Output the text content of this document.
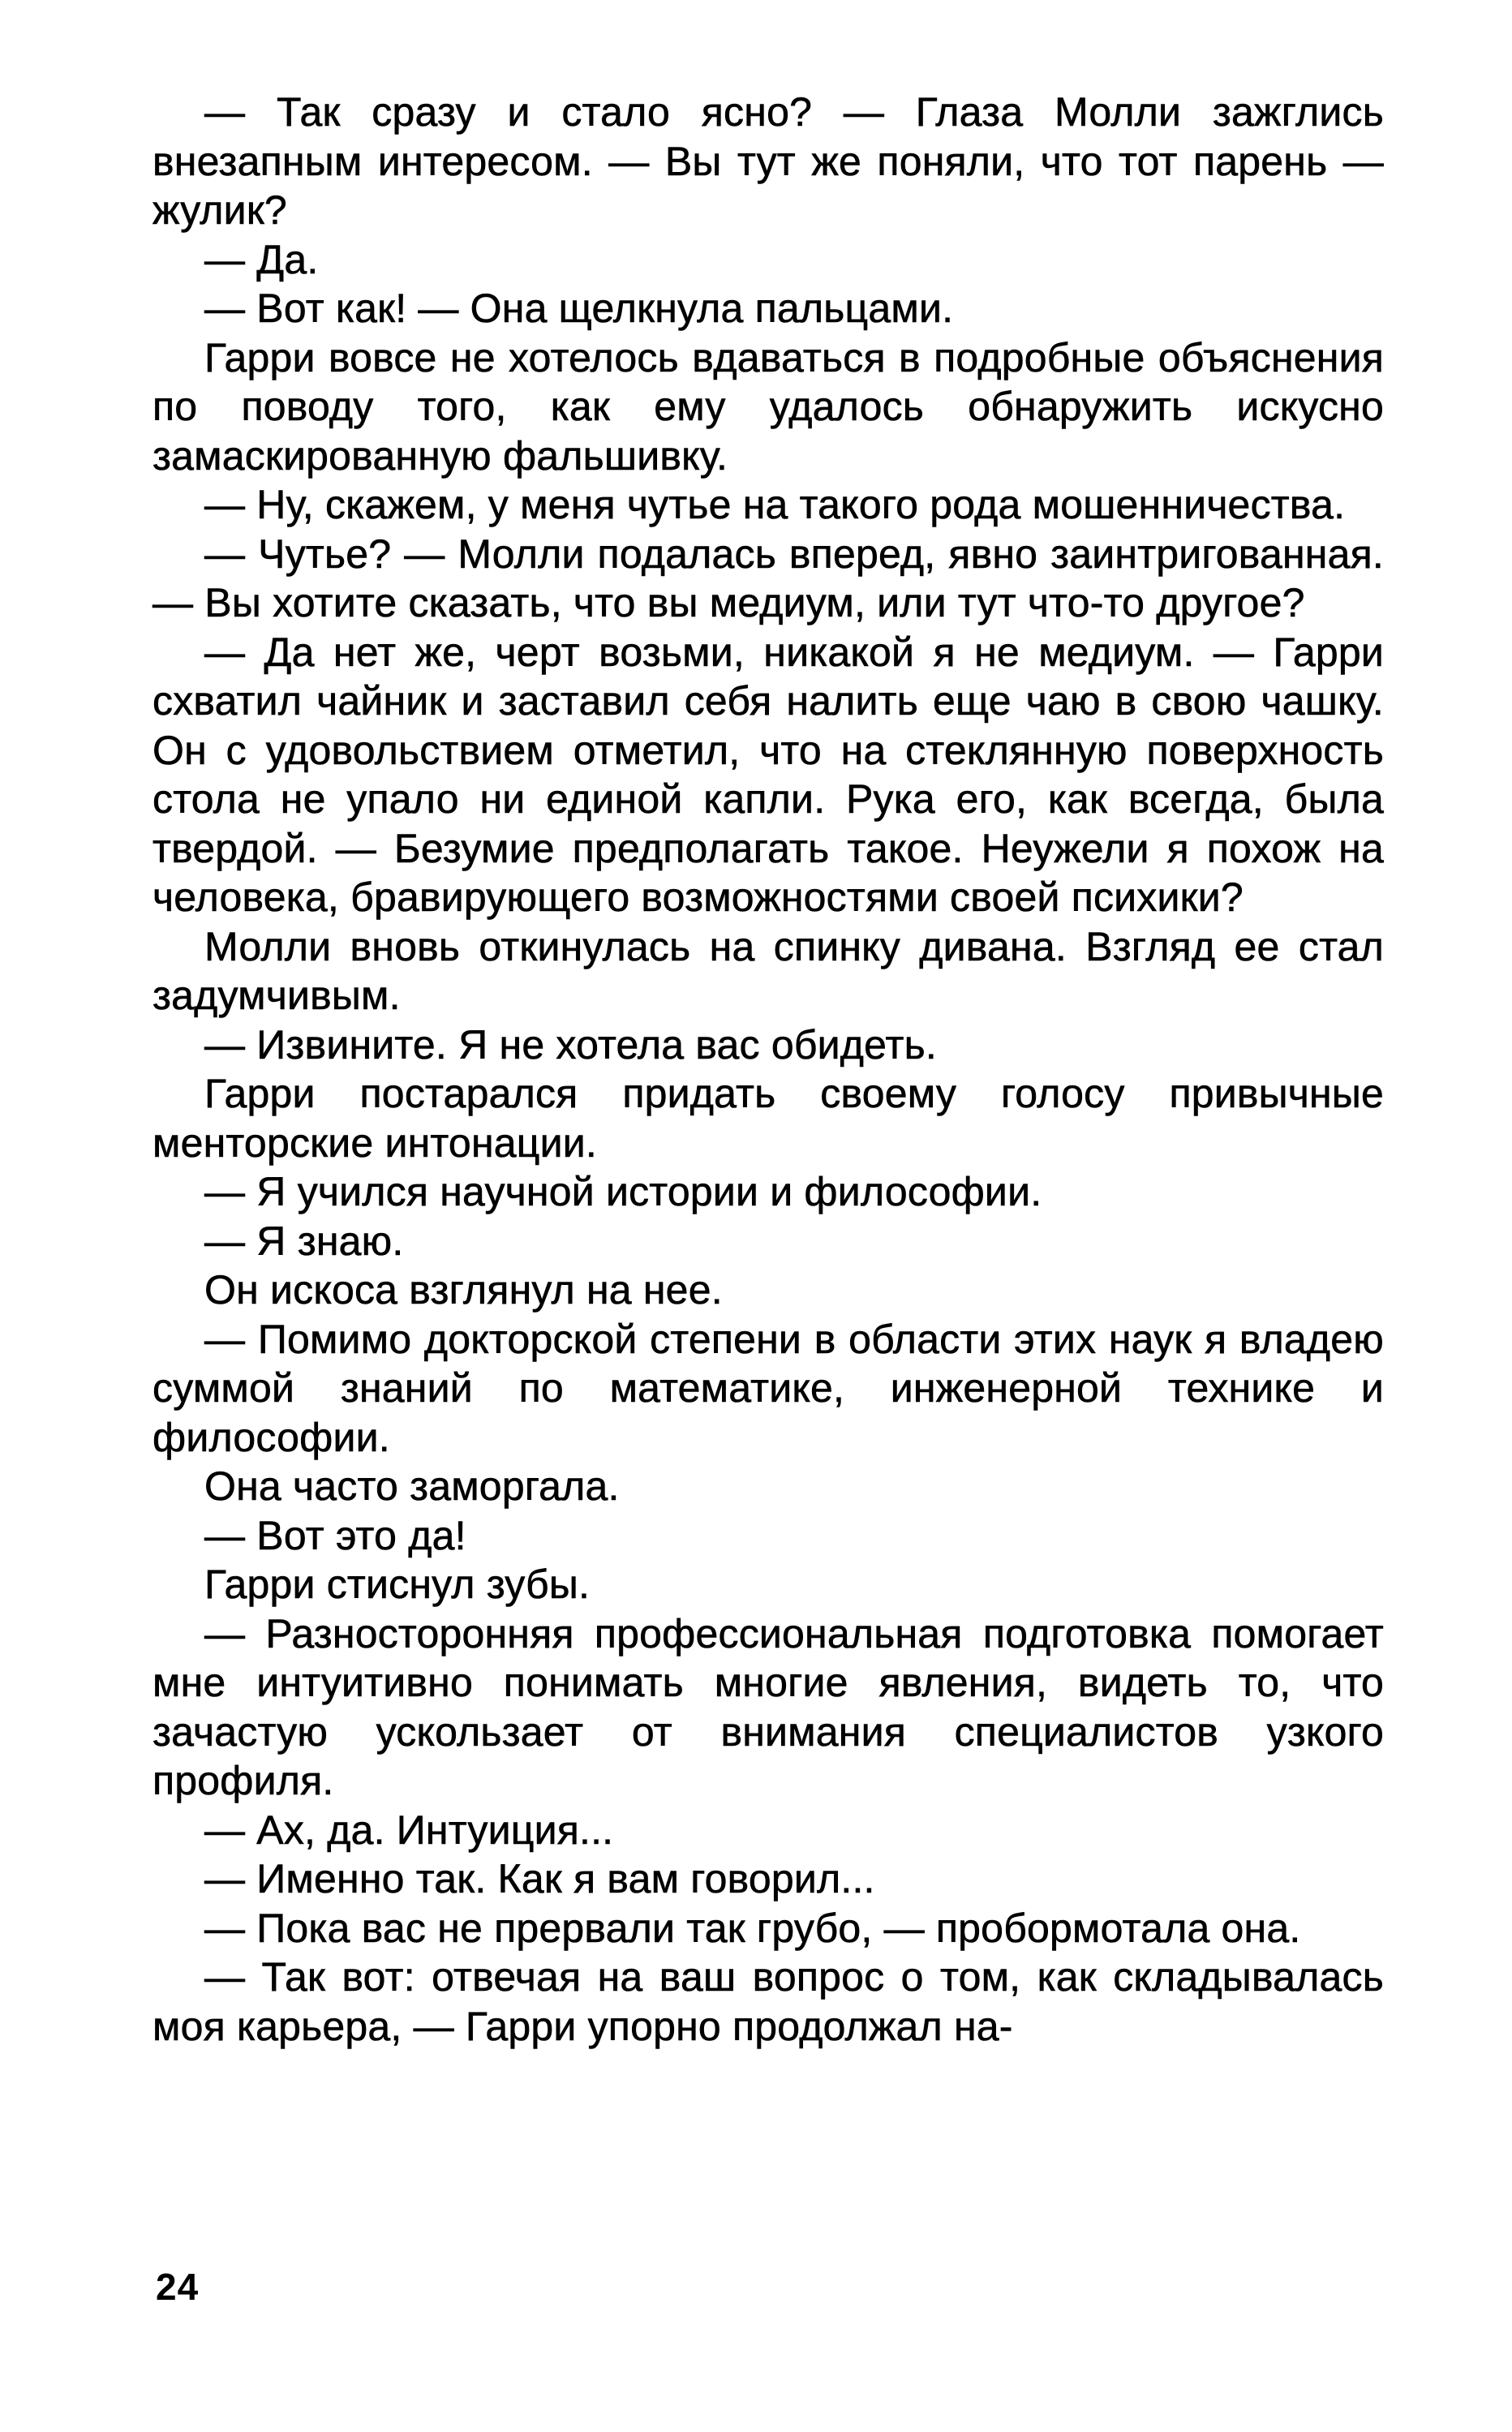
— Так сразу и стало ясно? — Глаза Молли зажглись внезапным интересом. — Вы тут же поняли, что тот парень — жулик?

— Да.

— Вот как! — Она щелкнула пальцами.

Гарри вовсе не хотелось вдаваться в подробные объяснения по поводу того, как ему удалось обнаружить искусно замаскированную фальшивку.

— Ну, скажем, у меня чутье на такого рода мошенничества.

— Чутье? — Молли подалась вперед, явно заинтригованная. — Вы хотите сказать, что вы медиум, или тут что-то другое?

— Да нет же, черт возьми, никакой я не медиум. — Гарри схватил чайник и заставил себя налить еще чаю в свою чашку. Он с удовольствием отметил, что на стеклянную поверхность стола не упало ни единой капли. Рука его, как всегда, была твердой. — Безумие предполагать такое. Неужели я похож на человека, бравирующего возможностями своей психики?

Молли вновь откинулась на спинку дивана. Взгляд ее стал задумчивым.

— Извините. Я не хотела вас обидеть.

Гарри постарался придать своему голосу привычные менторские интонации.

— Я учился научной истории и философии.

— Я знаю.

Он искоса взглянул на нее.

— Помимо докторской степени в области этих наук я владею суммой знаний по математике, инженерной технике и философии.

Она часто заморгала.

— Вот это да!

Гарри стиснул зубы.

— Разносторонняя профессиональная подготовка помогает мне интуитивно понимать многие явления, видеть то, что зачастую ускользает от внимания специалистов узкого профиля.

— Ах, да. Интуиция...

— Именно так. Как я вам говорил...

— Пока вас не прервали так грубо, — пробормотала она.

— Так вот: отвечая на ваш вопрос о том, как складывалась моя карьера, — Гарри упорно продолжал на-

24
